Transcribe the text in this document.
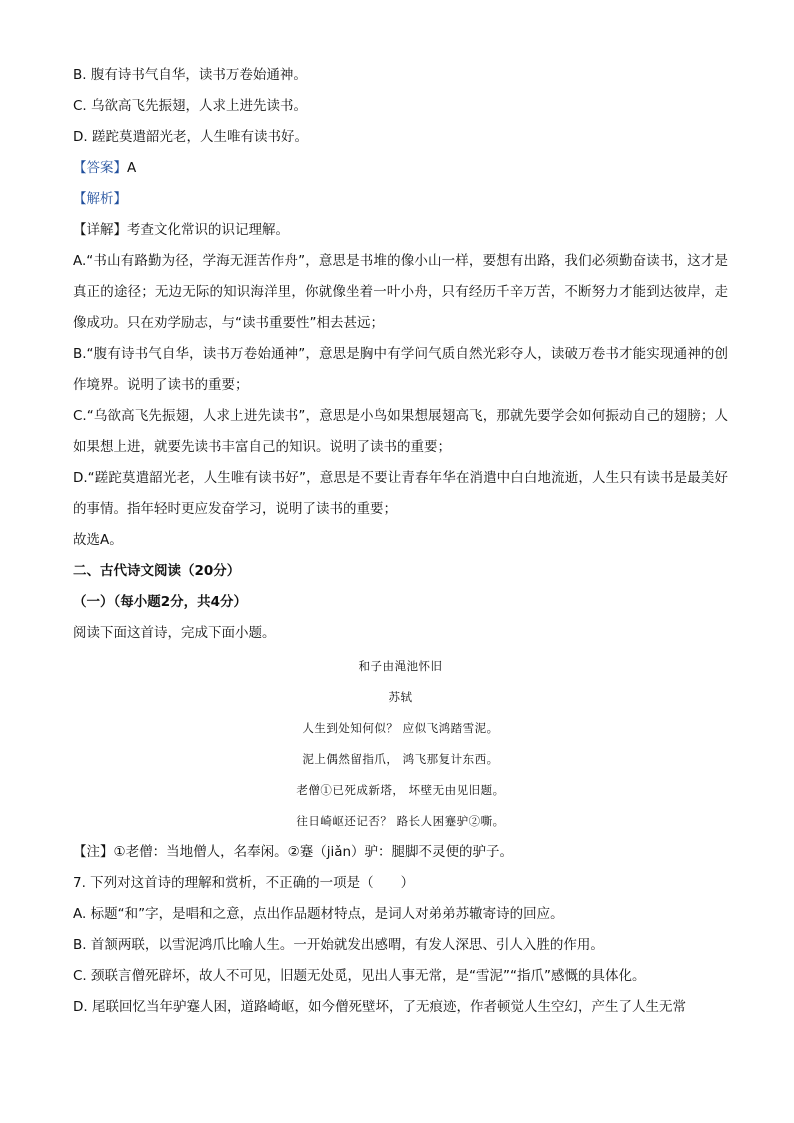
B. 腹有诗书气自华，读书万卷始通神。
C. 乌欲高飞先振翅，人求上进先读书。
D. 蹉跎莫遣韶光老，人生唯有读书好。
【答案】A
【解析】
【详解】考查文化常识的识记理解。

A.“书山有路勤为径，学海无涯苦作舟”，意思是书堆的像小山一样，要想有出路，我们必须勤奋读书，这才是真正的途径；无边无际的知识海洋里，你就像坐着一叶小舟，只有经历千辛万苦，不断努力才能到达彼岸，走像成功。只在劝学励志，与“读书重要性”相去甚远；

B.“腹有诗书气自华，读书万卷始通神”，意思是胸中有学问气质自然光彩夺人，读破万卷书才能实现通神的创作境界。说明了读书的重要；

C.“乌欲高飞先振翅，人求上进先读书”，意思是小鸟如果想展翅高飞，那就先要学会如何振动自己的翅膀；人如果想上进，就要先读书丰富自己的知识。说明了读书的重要；

D.“蹉跎莫遣韶光老，人生唯有读书好”，意思是不要让青春年华在消遣中白白地流逝，人生只有读书是最美好的事情。指年轻时更应发奋学习，说明了读书的重要；

故选A。
二、古代诗文阅读（20分）
（一）（每小题2分，共4分）
阅读下面这首诗，完成下面小题。
和子由渑池怀旧
苏轼
人生到处知何似？ 应似飞鸿踏雪泥。
泥上偶然留指爪， 鸿飞那复计东西。
老僧①已死成新塔， 坏壁无由见旧题。
往日崎岖还记否？ 路长人困蹇驴②嘶。
【注】①老僧：当地僧人，名奉闲。②蹇（jiǎn）驴：腿脚不灵便的驴子。
7. 下列对这首诗的理解和赏析，不正确的一项是（　　）
A. 标题“和”字，是唱和之意，点出作品题材特点，是词人对弟弟苏辙寄诗的回应。
B. 首颔两联，以雪泥鸿爪比喻人生。一开始就发出感喟，有发人深思、引人入胜的作用。
C. 颈联言僧死辟坏，故人不可见，旧题无处觅，见出人事无常，是“雪泥”“指爪”感慨的具体化。
D. 尾联回忆当年驴蹇人困，道路崎岖，如今僧死壁坏，了无痕迹，作者顿觉人生空幻，产生了人生无常
